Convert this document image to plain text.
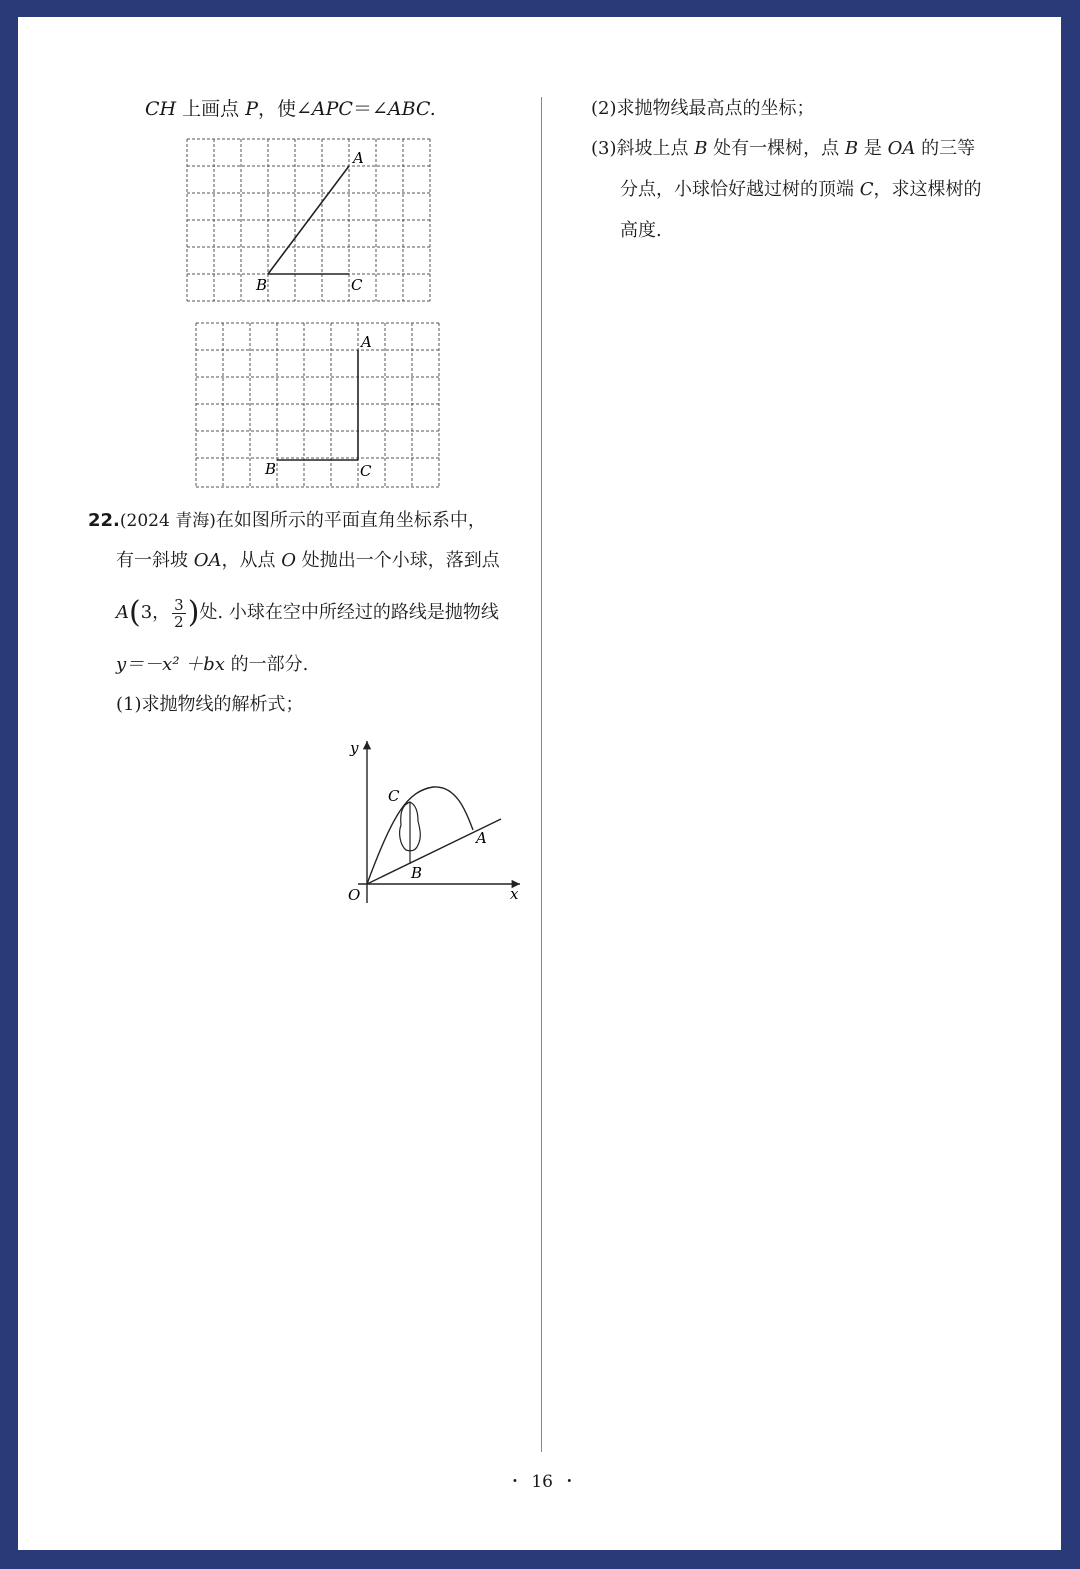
CH 上画点 P，使∠APC＝∠ABC.
A
B	C
A
B	C
22.(2024 青海)在如图所示的平面直角坐标系中，
有一斜坡 OA，从点 O 处抛出一个小球，落到点
A(3， $\frac{3}{2}$ )处. 小球在空中所经过的路线是抛物线
y＝－x² ＋bx 的一部分.
(1)求抛物线的解析式；
y
x
O
A
B
C
(2)求抛物线最高点的坐标；
(3)斜坡上点 B 处有一棵树，点 B 是 OA 的三等
分点，小球恰好越过树的顶端 C，求这棵树的
高度.
• 16 •
